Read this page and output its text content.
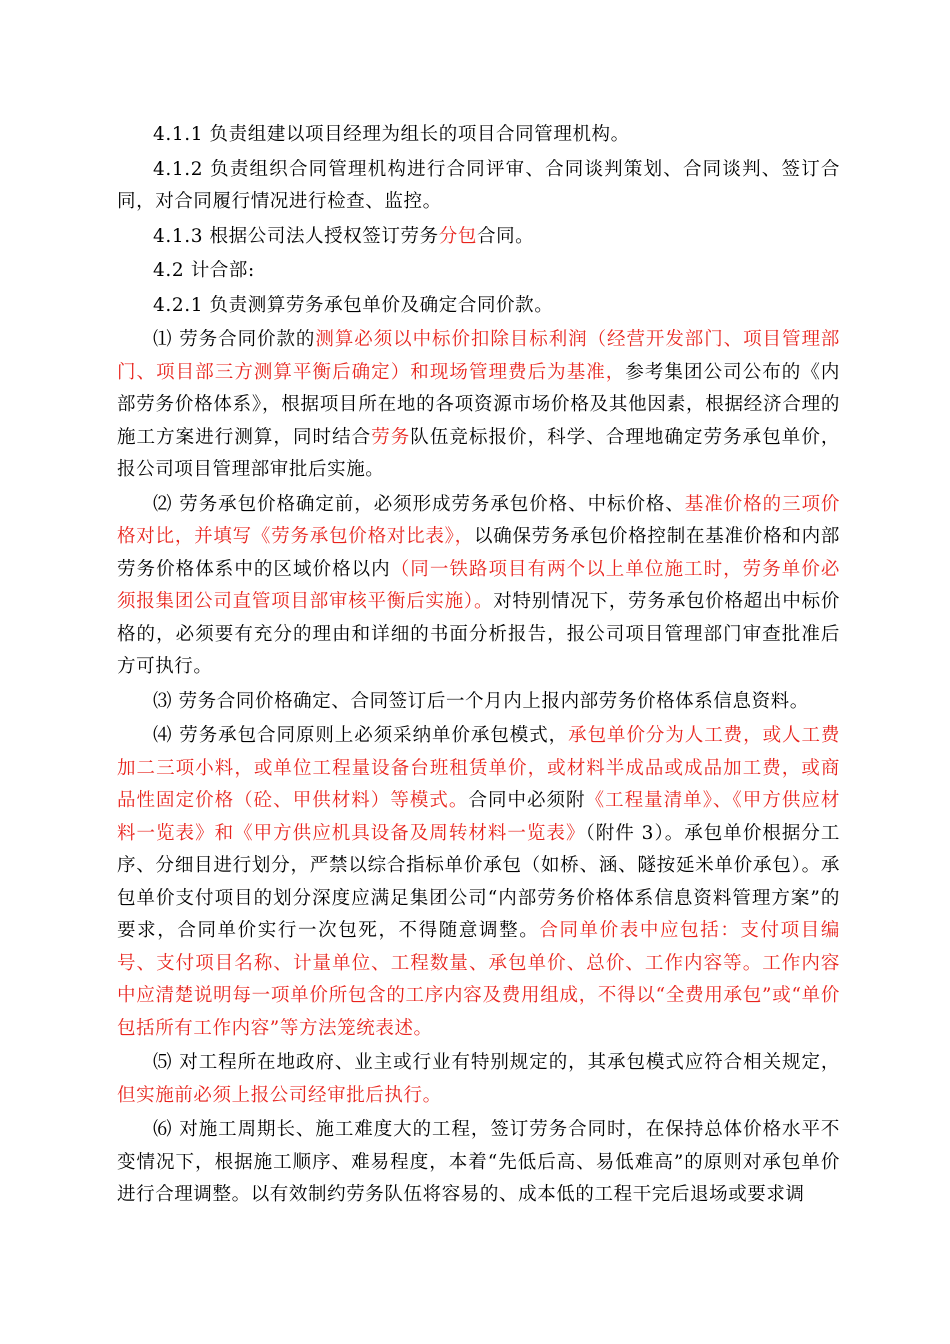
4.1.1 负责组建以项目经理为组长的项目合同管理机构。

4.1.2 负责组织合同管理机构进行合同评审、合同谈判策划、合同谈判、签订合同，对合同履行情况进行检查、监控。

4.1.3 根据公司法人授权签订劳务分包合同。

4.2 计合部:

4.2.1 负责测算劳务承包单价及确定合同价款。

⑴ 劳务合同价款的测算必须以中标价扣除目标利润（经营开发部门、项目管理部门、项目部三方测算平衡后确定）和现场管理费后为基准，参考集团公司公布的《内部劳务价格体系》，根据项目所在地的各项资源市场价格及其他因素，根据经济合理的施工方案进行测算，同时结合劳务队伍竞标报价，科学、合理地确定劳务承包单价，报公司项目管理部审批后实施。

⑵ 劳务承包价格确定前，必须形成劳务承包价格、中标价格、基准价格的三项价格对比，并填写《劳务承包价格对比表》，以确保劳务承包价格控制在基准价格和内部劳务价格体系中的区域价格以内（同一铁路项目有两个以上单位施工时，劳务单价必须报集团公司直管项目部审核平衡后实施）。对特别情况下，劳务承包价格超出中标价格的，必须要有充分的理由和详细的书面分析报告，报公司项目管理部门审查批准后方可执行。

⑶ 劳务合同价格确定、合同签订后一个月内上报内部劳务价格体系信息资料。

⑷ 劳务承包合同原则上必须采纳单价承包模式，承包单价分为人工费，或人工费加二三项小料，或单位工程量设备台班租赁单价，或材料半成品或成品加工费，或商品性固定价格（砼、甲供材料）等模式。合同中必须附《工程量清单》、《甲方供应材料一览表》和《甲方供应机具设备及周转材料一览表》（附件 3）。承包单价根据分工序、分细目进行划分，严禁以综合指标单价承包（如桥、涵、隧按延米单价承包）。承包单价支付项目的划分深度应满足集团公司“内部劳务价格体系信息资料管理方案”的要求，合同单价实行一次包死，不得随意调整。合同单价表中应包括：支付项目编号、支付项目名称、计量单位、工程数量、承包单价、总价、工作内容等。工作内容中应清楚说明每一项单价所包含的工序内容及费用组成，不得以“全费用承包”或“单价包括所有工作内容”等方法笼统表述。

⑸ 对工程所在地政府、业主或行业有特别规定的，其承包模式应符合相关规定，但实施前必须上报公司经审批后执行。

⑹ 对施工周期长、施工难度大的工程，签订劳务合同时，在保持总体价格水平不变情况下，根据施工顺序、难易程度，本着“先低后高、易低难高”的原则对承包单价进行合理调整。以有效制约劳务队伍将容易的、成本低的工程干完后退场或要求调
